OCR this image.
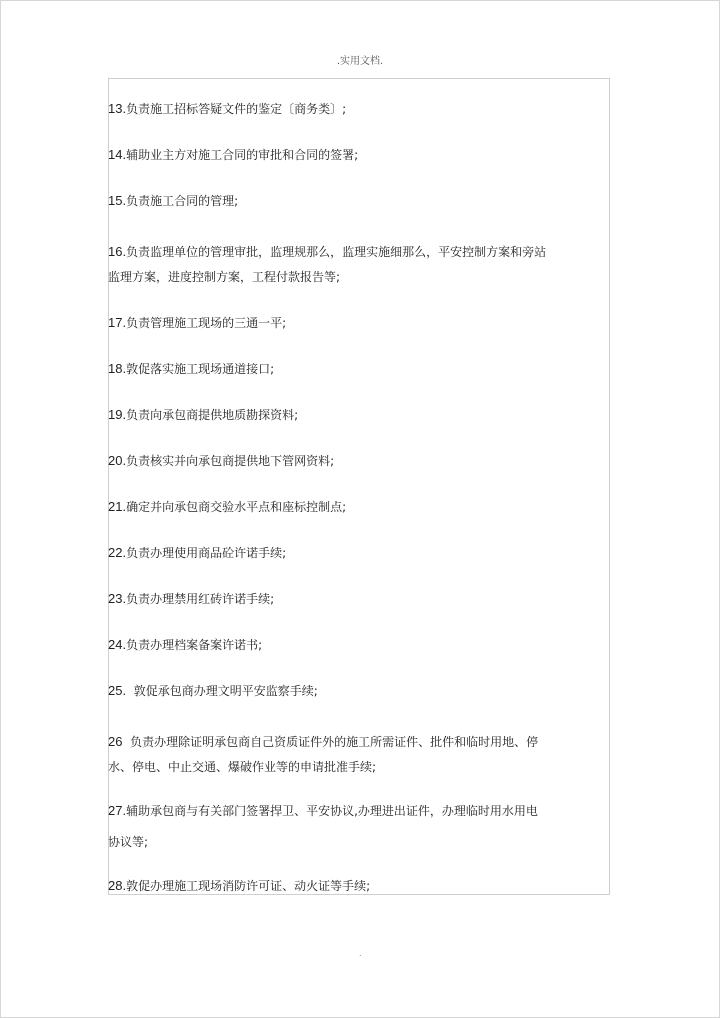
.实用文档.
13.负责施工招标答疑文件的鉴定〔商务类〕;
14.辅助业主方对施工合同的审批和合同的签署;
15.负责施工合同的管理;
16.负责监理单位的管理审批，监理规那么，监理实施细那么，平安控制方案和旁站
监理方案，进度控制方案，工程付款报告等;
17.负责管理施工现场的三通一平;
18.敦促落实施工现场通道接口;
19.负责向承包商提供地质勘探资料;
20.负责核实并向承包商提供地下管网资料;
21.确定并向承包商交验水平点和座标控制点;
22.负责办理使用商品砼许诺手续;
23.负责办理禁用红砖许诺手续;
24.负责办理档案备案许诺书;
25.  敦促承包商办理文明平安监察手续;
26  负责办理除证明承包商自己资质证件外的施工所需证件、批件和临时用地、停
水、停电、中止交通、爆破作业等的申请批准手续;
27.辅助承包商与有关部门签署捍卫、平安协议,办理进出证件，办理临时用水用电
协议等;
28.敦促办理施工现场消防许可证、动火证等手续;
.
